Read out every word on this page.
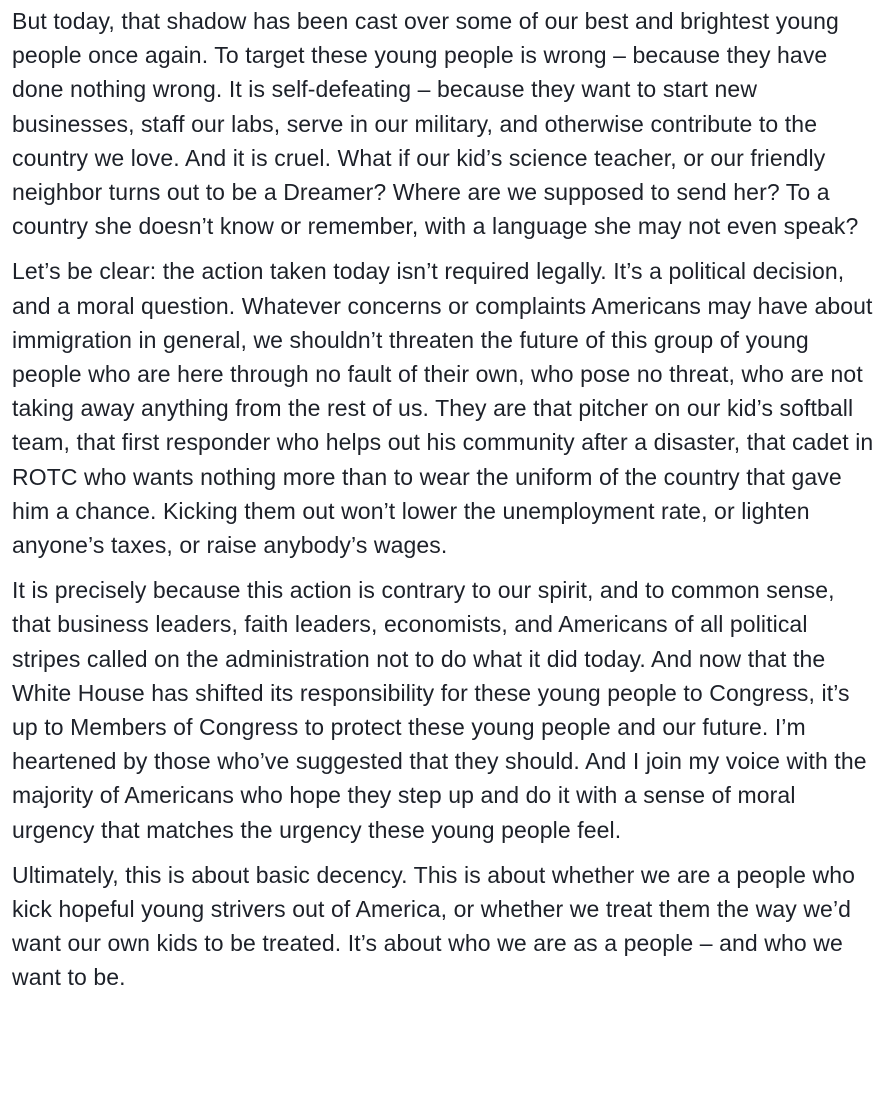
But today, that shadow has been cast over some of our best and brightest young people once again. To target these young people is wrong – because they have done nothing wrong. It is self-defeating – because they want to start new businesses, staff our labs, serve in our military, and otherwise contribute to the country we love. And it is cruel. What if our kid’s science teacher, or our friendly neighbor turns out to be a Dreamer? Where are we supposed to send her? To a country she doesn’t know or remember, with a language she may not even speak?

Let’s be clear: the action taken today isn’t required legally. It’s a political decision, and a moral question. Whatever concerns or complaints Americans may have about immigration in general, we shouldn’t threaten the future of this group of young people who are here through no fault of their own, who pose no threat, who are not taking away anything from the rest of us. They are that pitcher on our kid’s softball team, that first responder who helps out his community after a disaster, that cadet in ROTC who wants nothing more than to wear the uniform of the country that gave him a chance. Kicking them out won’t lower the unemployment rate, or lighten anyone’s taxes, or raise anybody’s wages.

It is precisely because this action is contrary to our spirit, and to common sense, that business leaders, faith leaders, economists, and Americans of all political stripes called on the administration not to do what it did today. And now that the White House has shifted its responsibility for these young people to Congress, it’s up to Members of Congress to protect these young people and our future. I’m heartened by those who’ve suggested that they should. And I join my voice with the majority of Americans who hope they step up and do it with a sense of moral urgency that matches the urgency these young people feel.

Ultimately, this is about basic decency. This is about whether we are a people who kick hopeful young strivers out of America, or whether we treat them the way we’d want our own kids to be treated. It’s about who we are as a people – and who we want to be.
